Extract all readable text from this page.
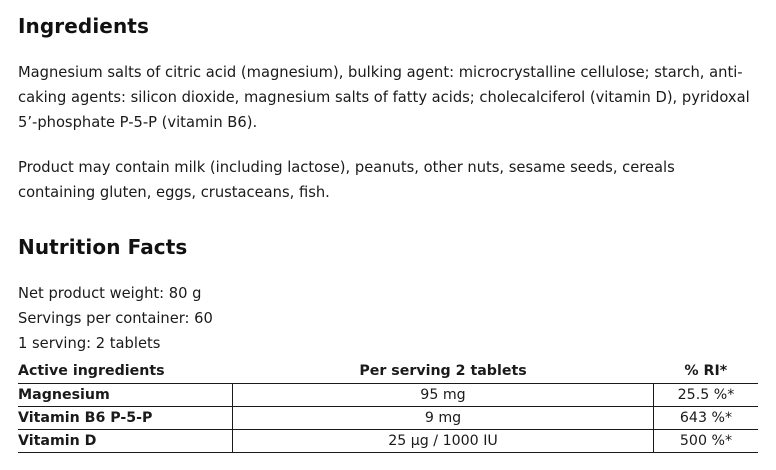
Ingredients

Magnesium salts of citric acid (magnesium), bulking agent: microcrystalline cellulose; starch, anti-caking agents: silicon dioxide, magnesium salts of fatty acids; cholecalciferol (vitamin D), pyridoxal 5’-phosphate P-5-P (vitamin B6).

Product may contain milk (including lactose), peanuts, other nuts, sesame seeds, cereals containing gluten, eggs, crustaceans, fish.

Nutrition Facts
Net product weight: 80 g
Servings per container: 60
1 serving: 2 tablets
Active ingredients	Per serving 2 tablets	% RI*
Magnesium	95 mg	25.5 %*
Vitamin B6 P-5-P	9 mg	643 %*
Vitamin D	25 µg / 1000 IU	500 %*
